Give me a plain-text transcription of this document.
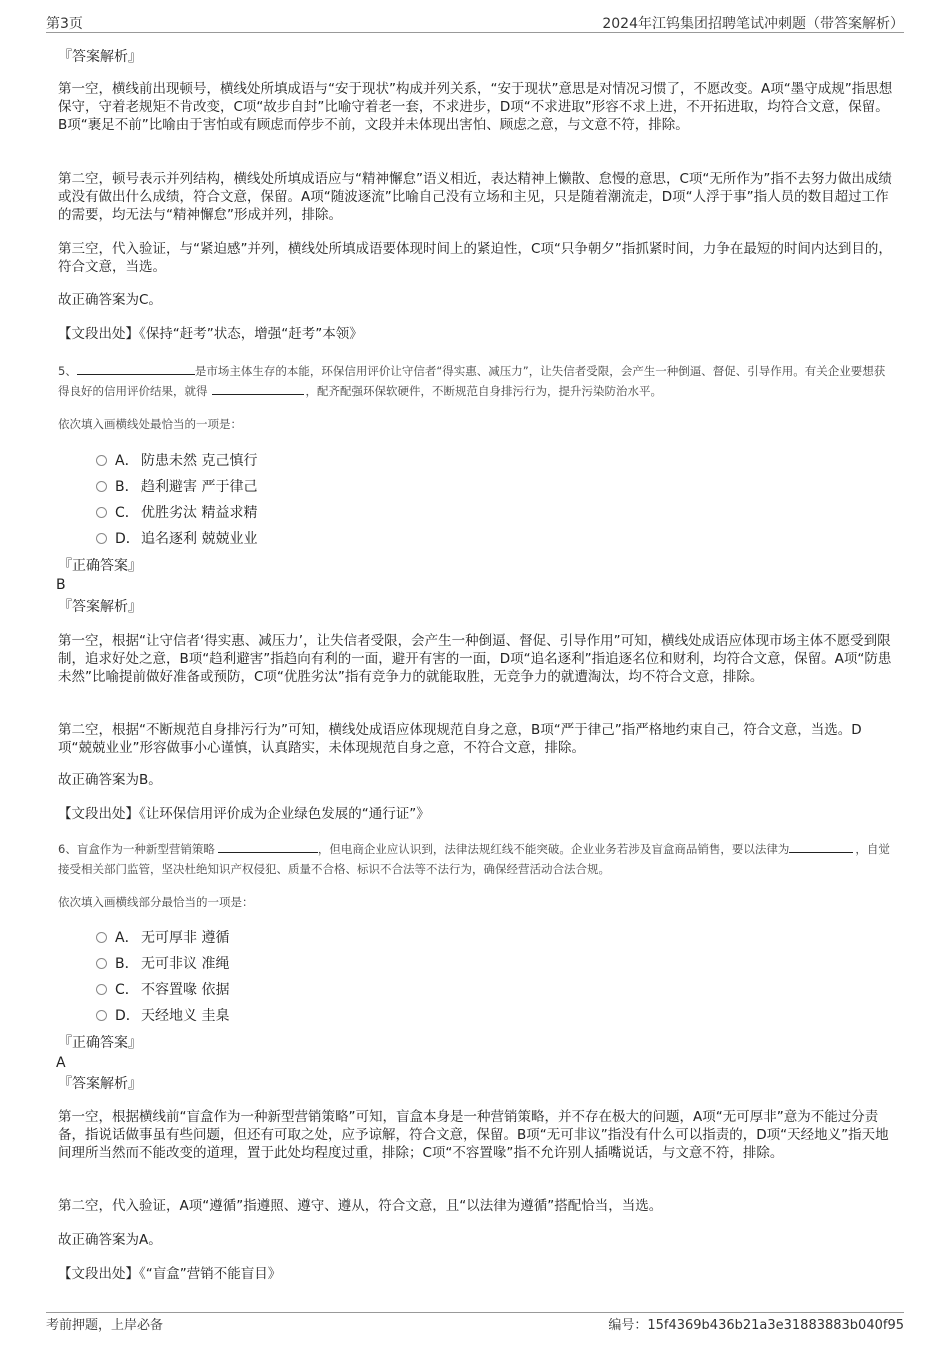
第3页	2024年江钨集团招聘笔试冲刺题（带答案解析）
『答案解析』
第一空，横线前出现顿号，横线处所填成语与“安于现状”构成并列关系，“安于现状”意思是对情况习惯了，不愿改变。A项“墨守成规”指思想保守，守着老规矩不肯改变，C项“故步自封”比喻守着老一套，不求进步，D项“不求进取”形容不求上进，不开拓进取，均符合文意，保留。B项“裹足不前”比喻由于害怕或有顾虑而停步不前，文段并未体现出害怕、顾虑之意，与文意不符，排除。
第二空，顿号表示并列结构，横线处所填成语应与“精神懈怠”语义相近，表达精神上懒散、怠慢的意思，C项“无所作为”指不去努力做出成绩或没有做出什么成绩，符合文意，保留。A项“随波逐流”比喻自己没有立场和主见，只是随着潮流走，D项“人浮于事”指人员的数目超过工作的需要，均无法与“精神懈怠”形成并列，排除。
第三空，代入验证，与“紧迫感”并列，横线处所填成语要体现时间上的紧迫性，C项“只争朝夕”指抓紧时间，力争在最短的时间内达到目的，符合文意，当选。
故正确答案为C。
【文段出处】《保持“赶考”状态，增强“赶考”本领》
5、	是市场主体生存的本能，环保信用评价让守信者“得实惠、减压力”，让失信者受限，会产生一种倒逼、督促、引导作用。有关企业要想获得良好的信用评价结果，就得	，配齐配强环保软硬件，不断规范自身排污行为，提升污染防治水平。
依次填入画横线处最恰当的一项是：
A． 防患未然 克己慎行
B． 趋利避害 严于律己
C． 优胜劣汰 精益求精
D．追名逐利 兢兢业业
『正确答案』
B
『答案解析』
第一空，根据“让守信者‘得实惠、减压力’，让失信者受限，会产生一种倒逼、督促、引导作用”可知，横线处成语应体现市场主体不愿受到限制，追求好处之意，B项“趋利避害”指趋向有利的一面，避开有害的一面，D项“追名逐利”指追逐名位和财利，均符合文意，保留。A项“防患未然”比喻提前做好准备或预防，C项“优胜劣汰”指有竞争力的就能取胜，无竞争力的就遭淘汰，均不符合文意，排除。
第二空，根据“不断规范自身排污行为”可知，横线处成语应体现规范自身之意，B项“严于律己”指严格地约束自己，符合文意，当选。D项“兢兢业业”形容做事小心谨慎，认真踏实，未体现规范自身之意，不符合文意，排除。
故正确答案为B。
【文段出处】《让环保信用评价成为企业绿色发展的“通行证”》
6、盲盒作为一种新型营销策略	，但电商企业应认识到，法律法规红线不能突破。企业业务若涉及盲盒商品销售，要以法律为	，自觉接受相关部门监管，坚决杜绝知识产权侵犯、质量不合格、标识不合法等不法行为，确保经营活动合法合规。
依次填入画横线部分最恰当的一项是：
A． 无可厚非 遵循
B． 无可非议 准绳
C． 不容置喙 依据
D．天经地义 圭臬
『正确答案』
A
『答案解析』
第一空，根据横线前“盲盒作为一种新型营销策略”可知，盲盒本身是一种营销策略，并不存在极大的问题，A项“无可厚非”意为不能过分责备，指说话做事虽有些问题，但还有可取之处，应予谅解，符合文意，保留。B项“无可非议”指没有什么可以指责的，D项“天经地义”指天地间理所当然而不能改变的道理，置于此处均程度过重，排除；C项“不容置喙”指不允许别人插嘴说话，与文意不符，排除。
第二空，代入验证，A项“遵循”指遵照、遵守、遵从，符合文意，且“以法律为遵循”搭配恰当，当选。
故正确答案为A。
【文段出处】《“盲盒”营销不能盲目》
考前押题，上岸必备	编号：15f4369b436b21a3e31883883b040f95
